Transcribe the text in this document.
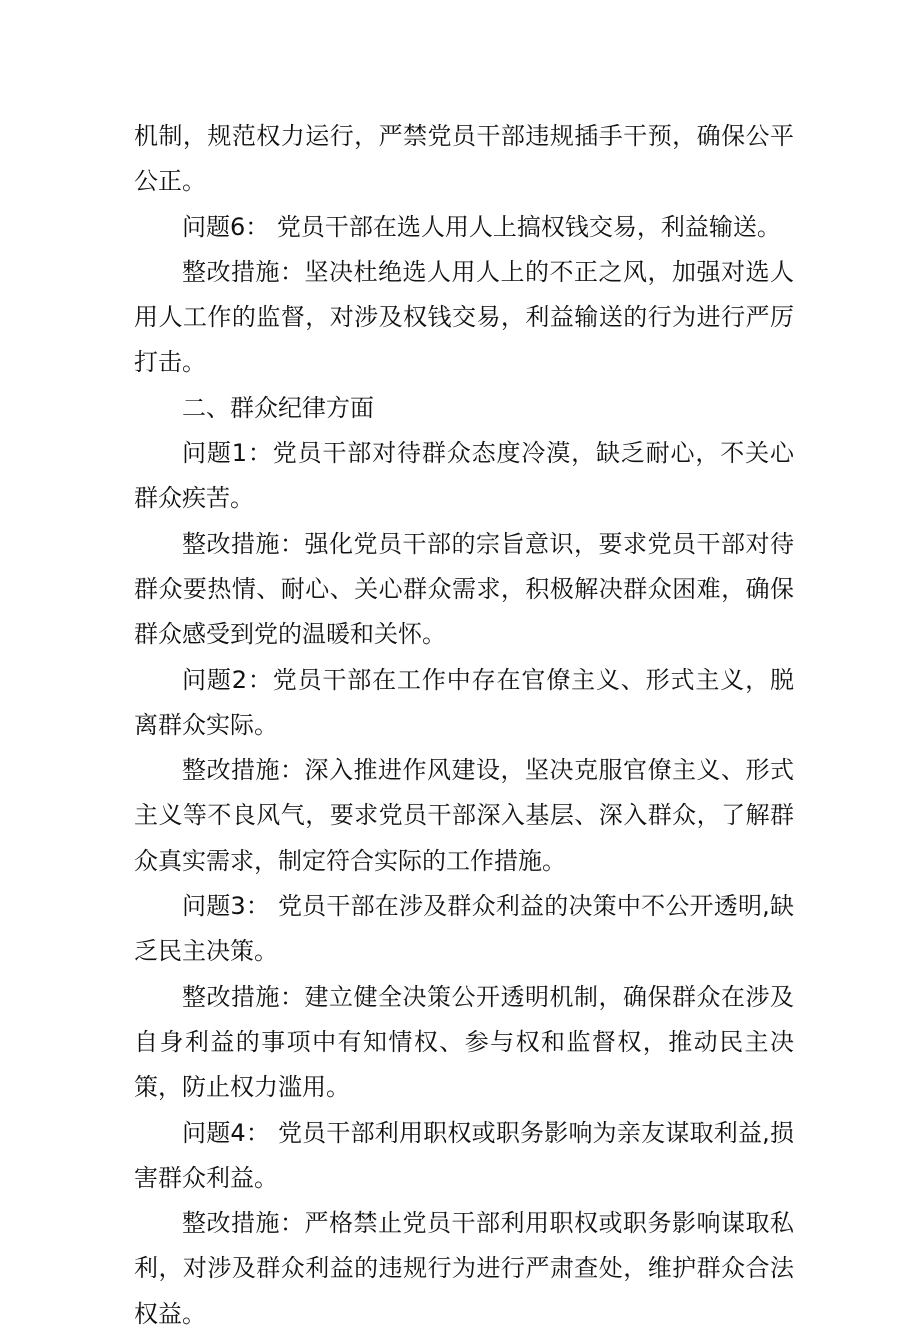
机制，规范权力运行，严禁党员干部违规插手干预，确保公平公正。

问题6： 党员干部在选人用人上搞权钱交易，利益输送。

整改措施：坚决杜绝选人用人上的不正之风，加强对选人用人工作的监督，对涉及权钱交易，利益输送的行为进行严厉打击。

二、群众纪律方面

问题1：党员干部对待群众态度冷漠，缺乏耐心，不关心群众疾苦。

整改措施：强化党员干部的宗旨意识，要求党员干部对待群众要热情、耐心、关心群众需求，积极解决群众困难，确保群众感受到党的温暖和关怀。

问题2：党员干部在工作中存在官僚主义、形式主义，脱离群众实际。

整改措施：深入推进作风建设，坚决克服官僚主义、形式主义等不良风气，要求党员干部深入基层、深入群众，了解群众真实需求，制定符合实际的工作措施。

问题3： 党员干部在涉及群众利益的决策中不公开透明,缺乏民主决策。

整改措施：建立健全决策公开透明机制，确保群众在涉及自身利益的事项中有知情权、参与权和监督权，推动民主决策，防止权力滥用。

问题4： 党员干部利用职权或职务影响为亲友谋取利益,损害群众利益。

整改措施：严格禁止党员干部利用职权或职务影响谋取私利，对涉及群众利益的违规行为进行严肃查处，维护群众合法权益。
